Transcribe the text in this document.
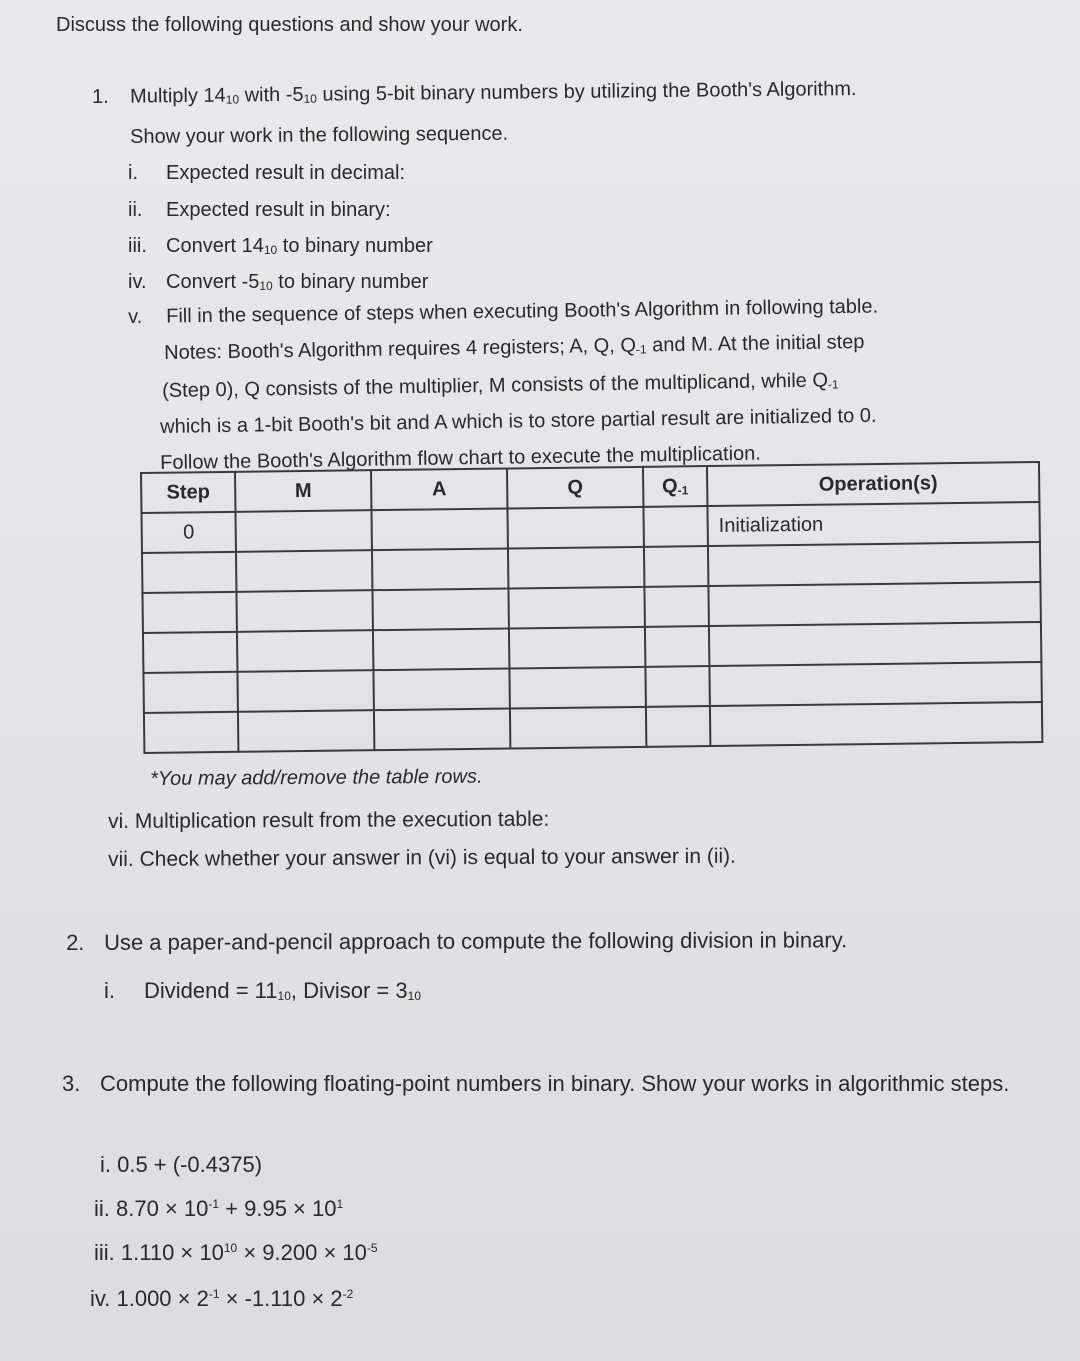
Discuss the following questions and show your work.
1. Multiply $14_{10}$ with $-5_{10}$ using 5-bit binary numbers by utilizing the Booth's Algorithm.
Show your work in the following sequence.
i. Expected result in decimal:
ii. Expected result in binary:
iii. Convert $14_{10}$ to binary number
iv. Convert $-5_{10}$ to binary number
v. Fill in the sequence of steps when executing Booth's Algorithm in following table.
Notes: Booth's Algorithm requires 4 registers; A, Q, $Q_{-1}$ and M. At the initial step
(Step 0), Q consists of the multiplier, M consists of the multiplicand, while $Q_{-1}$
which is a 1-bit Booth's bit and A which is to store partial result are initialized to 0.
Follow the Booth's Algorithm flow chart to execute the multiplication.
Step	M	A	Q	$Q_{-1}$	Operation(s)
0					Initialization

*You may add/remove the table rows.
vi. Multiplication result from the execution table:
vii. Check whether your answer in (vi) is equal to your answer in (ii).
2. Use a paper-and-pencil approach to compute the following division in binary.
i. Dividend = $11_{10}$, Divisor = $3_{10}$
3. Compute the following floating-point numbers in binary. Show your works in algorithmic steps.
i. 0.5 + (-0.4375)
ii. $8.70 \times 10^{-1} + 9.95 \times 10^1$
iii. $1.110 \times 10^{10} \times 9.200 \times 10^{-5}$
iv. $1.000 \times 2^{-1} \times -1.110 \times 2^{-2}$
